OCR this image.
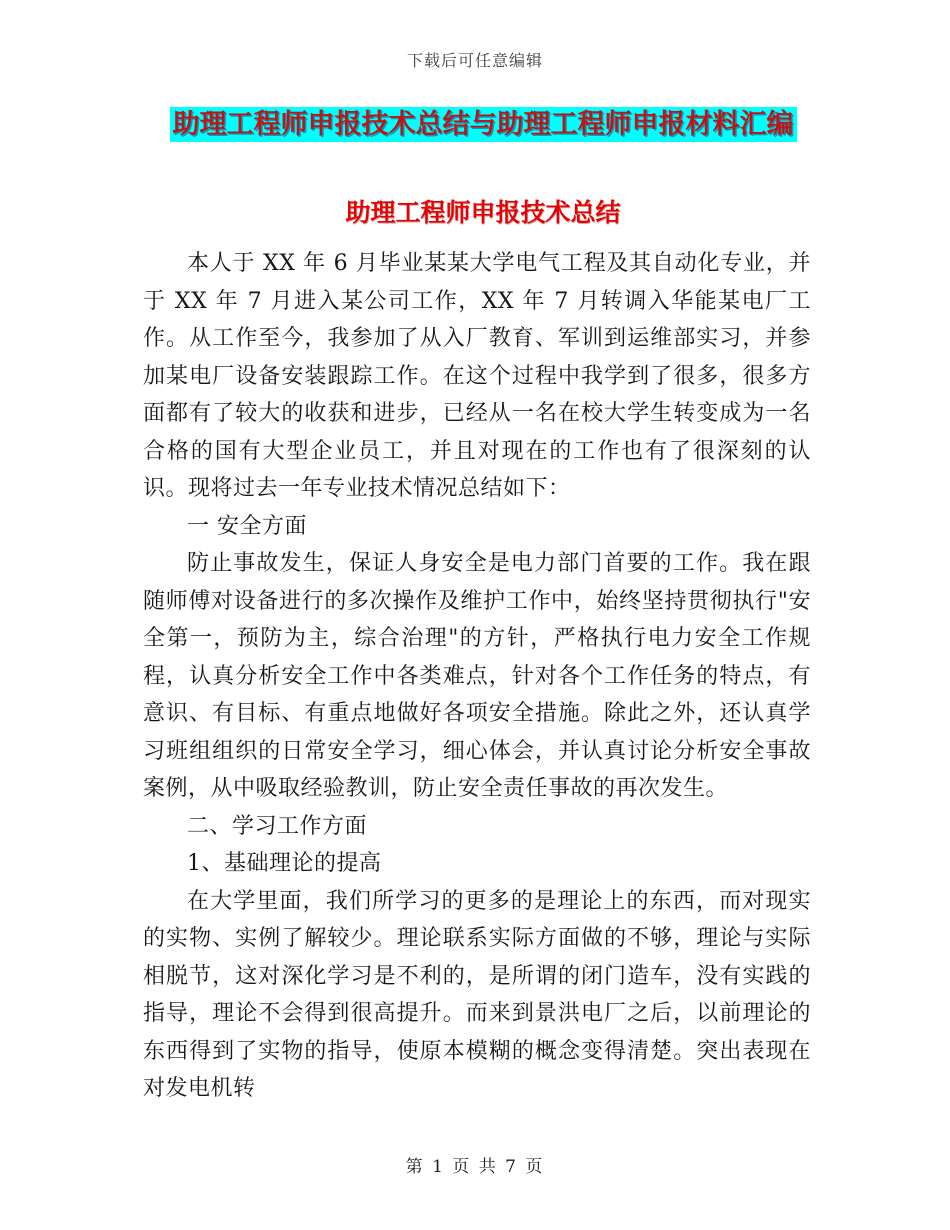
下载后可任意编辑
助理工程师申报技术总结与助理工程师申报材料汇编
助理工程师申报技术总结

本人于 XX 年 6 月毕业某某大学电气工程及其自动化专业，并于 XX 年 7 月进入某公司工作，XX 年 7 月转调入华能某电厂工作。从工作至今，我参加了从入厂教育、军训到运维部实习，并参加某电厂设备安装跟踪工作。在这个过程中我学到了很多，很多方面都有了较大的收获和进步，已经从一名在校大学生转变成为一名合格的国有大型企业员工，并且对现在的工作也有了很深刻的认识。现将过去一年专业技术情况总结如下：

一 安全方面

防止事故发生，保证人身安全是电力部门首要的工作。我在跟随师傅对设备进行的多次操作及维护工作中，始终坚持贯彻执行"安全第一，预防为主，综合治理"的方针，严格执行电力安全工作规程，认真分析安全工作中各类难点，针对各个工作任务的特点，有意识、有目标、有重点地做好各项安全措施。除此之外，还认真学习班组组织的日常安全学习，细心体会，并认真讨论分析安全事故案例，从中吸取经验教训，防止安全责任事故的再次发生。

二、学习工作方面

1、基础理论的提高

在大学里面，我们所学习的更多的是理论上的东西，而对现实的实物、实例了解较少。理论联系实际方面做的不够，理论与实际相脱节，这对深化学习是不利的，是所谓的闭门造车，没有实践的指导，理论不会得到很高提升。而来到景洪电厂之后，以前理论的东西得到了实物的指导，使原本模糊的概念变得清楚。突出表现在对发电机转

第 1 页 共 7 页
